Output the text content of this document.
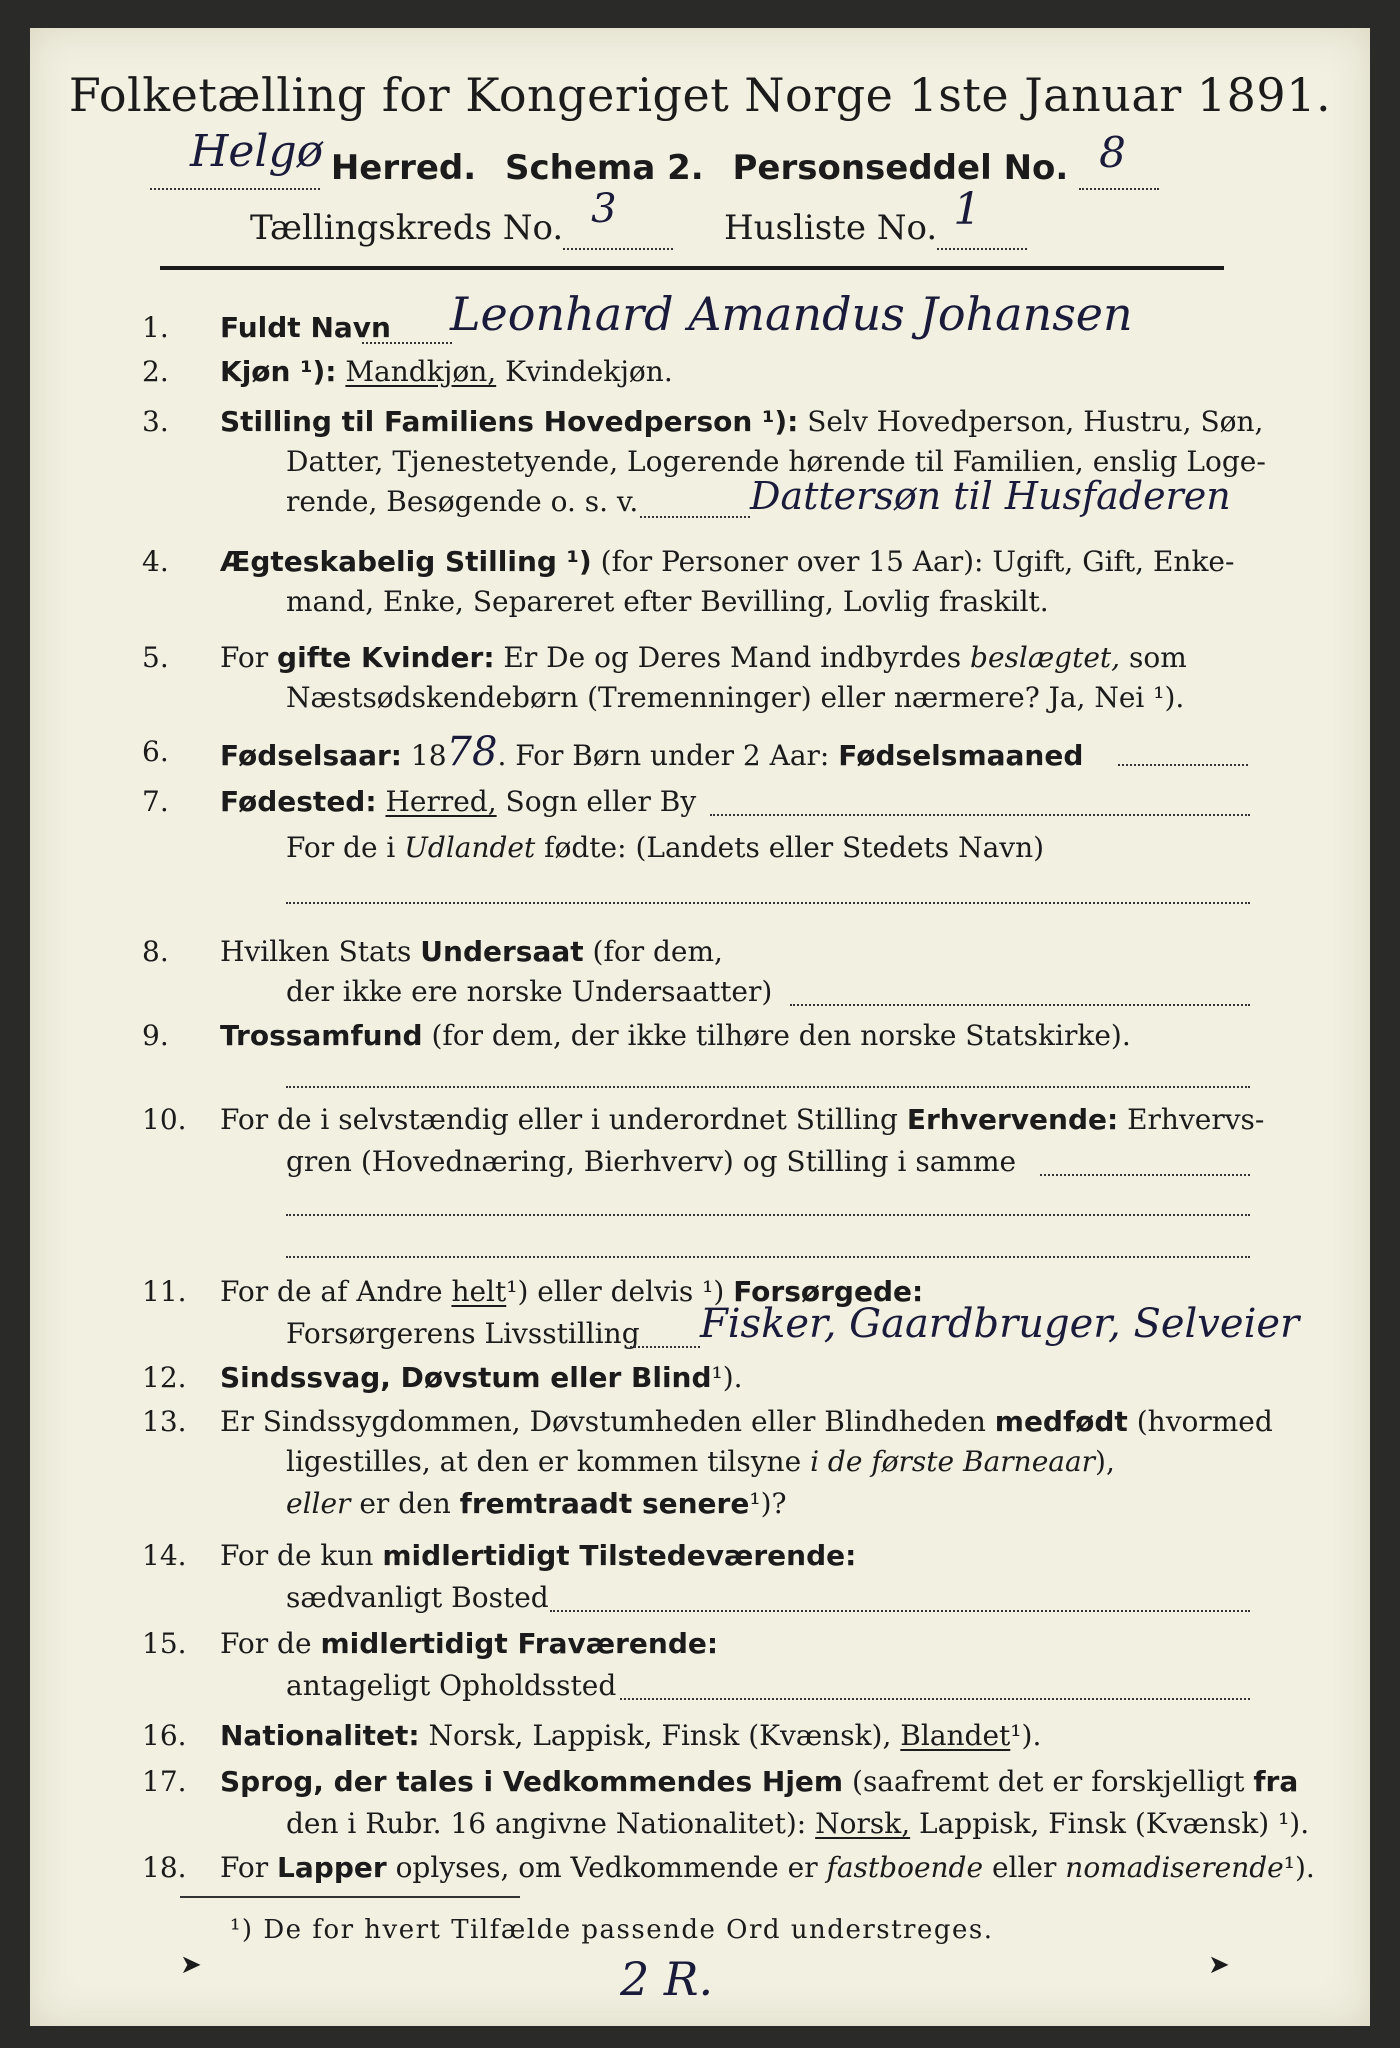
Folketælling for Kongeriget Norge 1ste Januar 1891.
Helgø Herred. Schema 2. Personseddel No. 8

Tællingskreds No. 3	Husliste No. 1

1.	Fuldt Navn Leonhard Amandus Johansen
2.	Kjøn ¹): Mandkjøn, Kvindekjøn.
3.	Stilling til Familiens Hovedperson ¹): Selv Hovedperson, Hustru, Søn,
Datter, Tjenestetyende, Logerende hørende til Familien, enslig Loge-
rende, Besøgende o. s. v.	Dattersøn til Husfaderen
4.	Ægteskabelig Stilling ¹) (for Personer over 15 Aar): Ugift, Gift, Enke-
mand, Enke, Separeret efter Bevilling, Lovlig fraskilt.
5.	For gifte Kvinder: Er De og Deres Mand indbyrdes beslægtet, som
Næstsødskendebørn (Tremenninger) eller nærmere? Ja, Nei ¹).
6.	Fødselsaar: 1878. For Børn under 2 Aar: Fødselsmaaned
7.	Fødested: Herred, Sogn eller By
For de i Udlandet fødte: (Landets eller Stedets Navn)
8.	Hvilken Stats Undersaat (for dem,
der ikke ere norske Undersaatter)
9.	Trossamfund (for dem, der ikke tilhøre den norske Statskirke).
10.	For de i selvstændig eller i underordnet Stilling Erhvervende: Erhvervs-
gren (Hovednæring, Bierhverv) og Stilling i samme
11.	For de af Andre helt¹) eller delvis ¹) Forsørgede:
Forsørgerens Livsstilling Fisker, Gaardbruger, Selveier
12.	Sindssvag, Døvstum eller Blind¹).
13.	Er Sindssygdommen, Døvstumheden eller Blindheden medfødt (hvormed
ligestilles, at den er kommen tilsyne i de første Barneaar),
eller er den fremtraadt senere¹)?
14.	For de kun midlertidigt Tilstedeværende:
sædvanligt Bosted
15.	For de midlertidigt Fraværende:
antageligt Opholdssted
16.	Nationalitet: Norsk, Lappisk, Finsk (Kvænsk), Blandet¹).
17.	Sprog, der tales i Vedkommendes Hjem (saafremt det er forskjelligt fra
den i Rubr. 16 angivne Nationalitet): Norsk, Lappisk, Finsk (Kvænsk) ¹).
18.	For Lapper oplyses, om Vedkommende er fastboende eller nomadiserende¹).
¹) De for hvert Tilfælde passende Ord understreges.
2 R.
➤	➤
